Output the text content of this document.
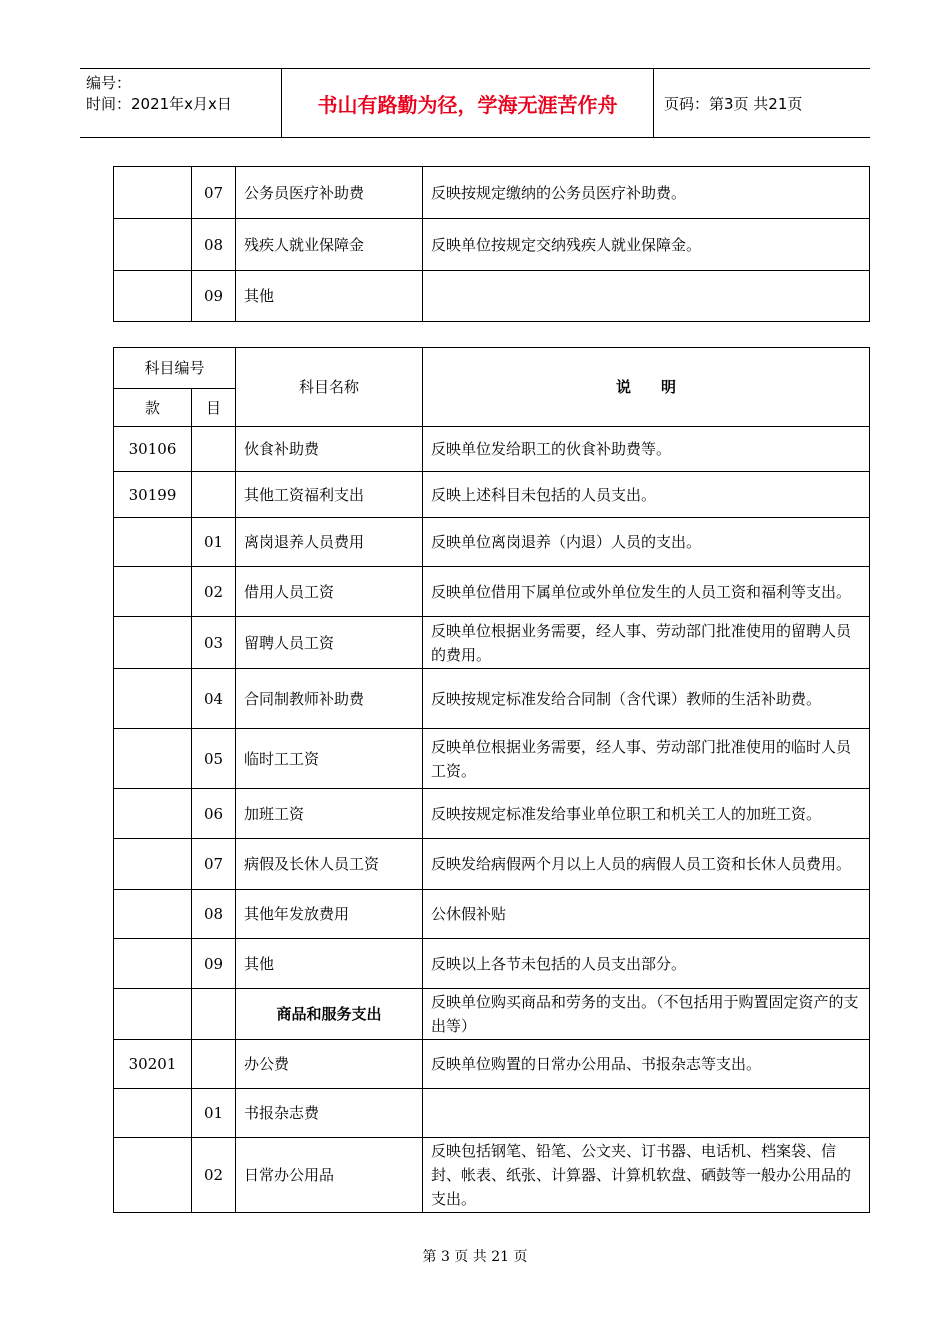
编号：
时间：2021年x月x日	书山有路勤为径，学海无涯苦作舟	页码：第3页 共21页
	07	公务员医疗补助费	反映按规定缴纳的公务员医疗补助费。
	08	残疾人就业保障金	反映单位按规定交纳残疾人就业保障金。
	09	其他	
科目编号		科目名称	说　　明
款	目		
30106		伙食补助费	反映单位发给职工的伙食补助费等。
30199		其他工资福利支出	反映上述科目未包括的人员支出。
	01	离岗退养人员费用	反映单位离岗退养（内退）人员的支出。
	02	借用人员工资	反映单位借用下属单位或外单位发生的人员工资和福利等支出。
	03	留聘人员工资	反映单位根据业务需要，经人事、劳动部门批准使用的留聘人员的费用。
	04	合同制教师补助费	反映按规定标准发给合同制（含代课）教师的生活补助费。
	05	临时工工资	反映单位根据业务需要，经人事、劳动部门批准使用的临时人员工资。
	06	加班工资	反映按规定标准发给事业单位职工和机关工人的加班工资。
	07	病假及长休人员工资	反映发给病假两个月以上人员的病假人员工资和长休人员费用。
	08	其他年发放费用	公休假补贴
	09	其他	反映以上各节未包括的人员支出部分。
		商品和服务支出	反映单位购买商品和劳务的支出。（不包括用于购置固定资产的支出等）
30201		办公费	反映单位购置的日常办公用品、书报杂志等支出。
	01	书报杂志费	
	02	日常办公用品	反映包括钢笔、铅笔、公文夹、订书器、电话机、档案袋、信封、帐表、纸张、计算器、计算机软盘、硒鼓等一般办公用品的支出。
第 3 页 共 21 页
